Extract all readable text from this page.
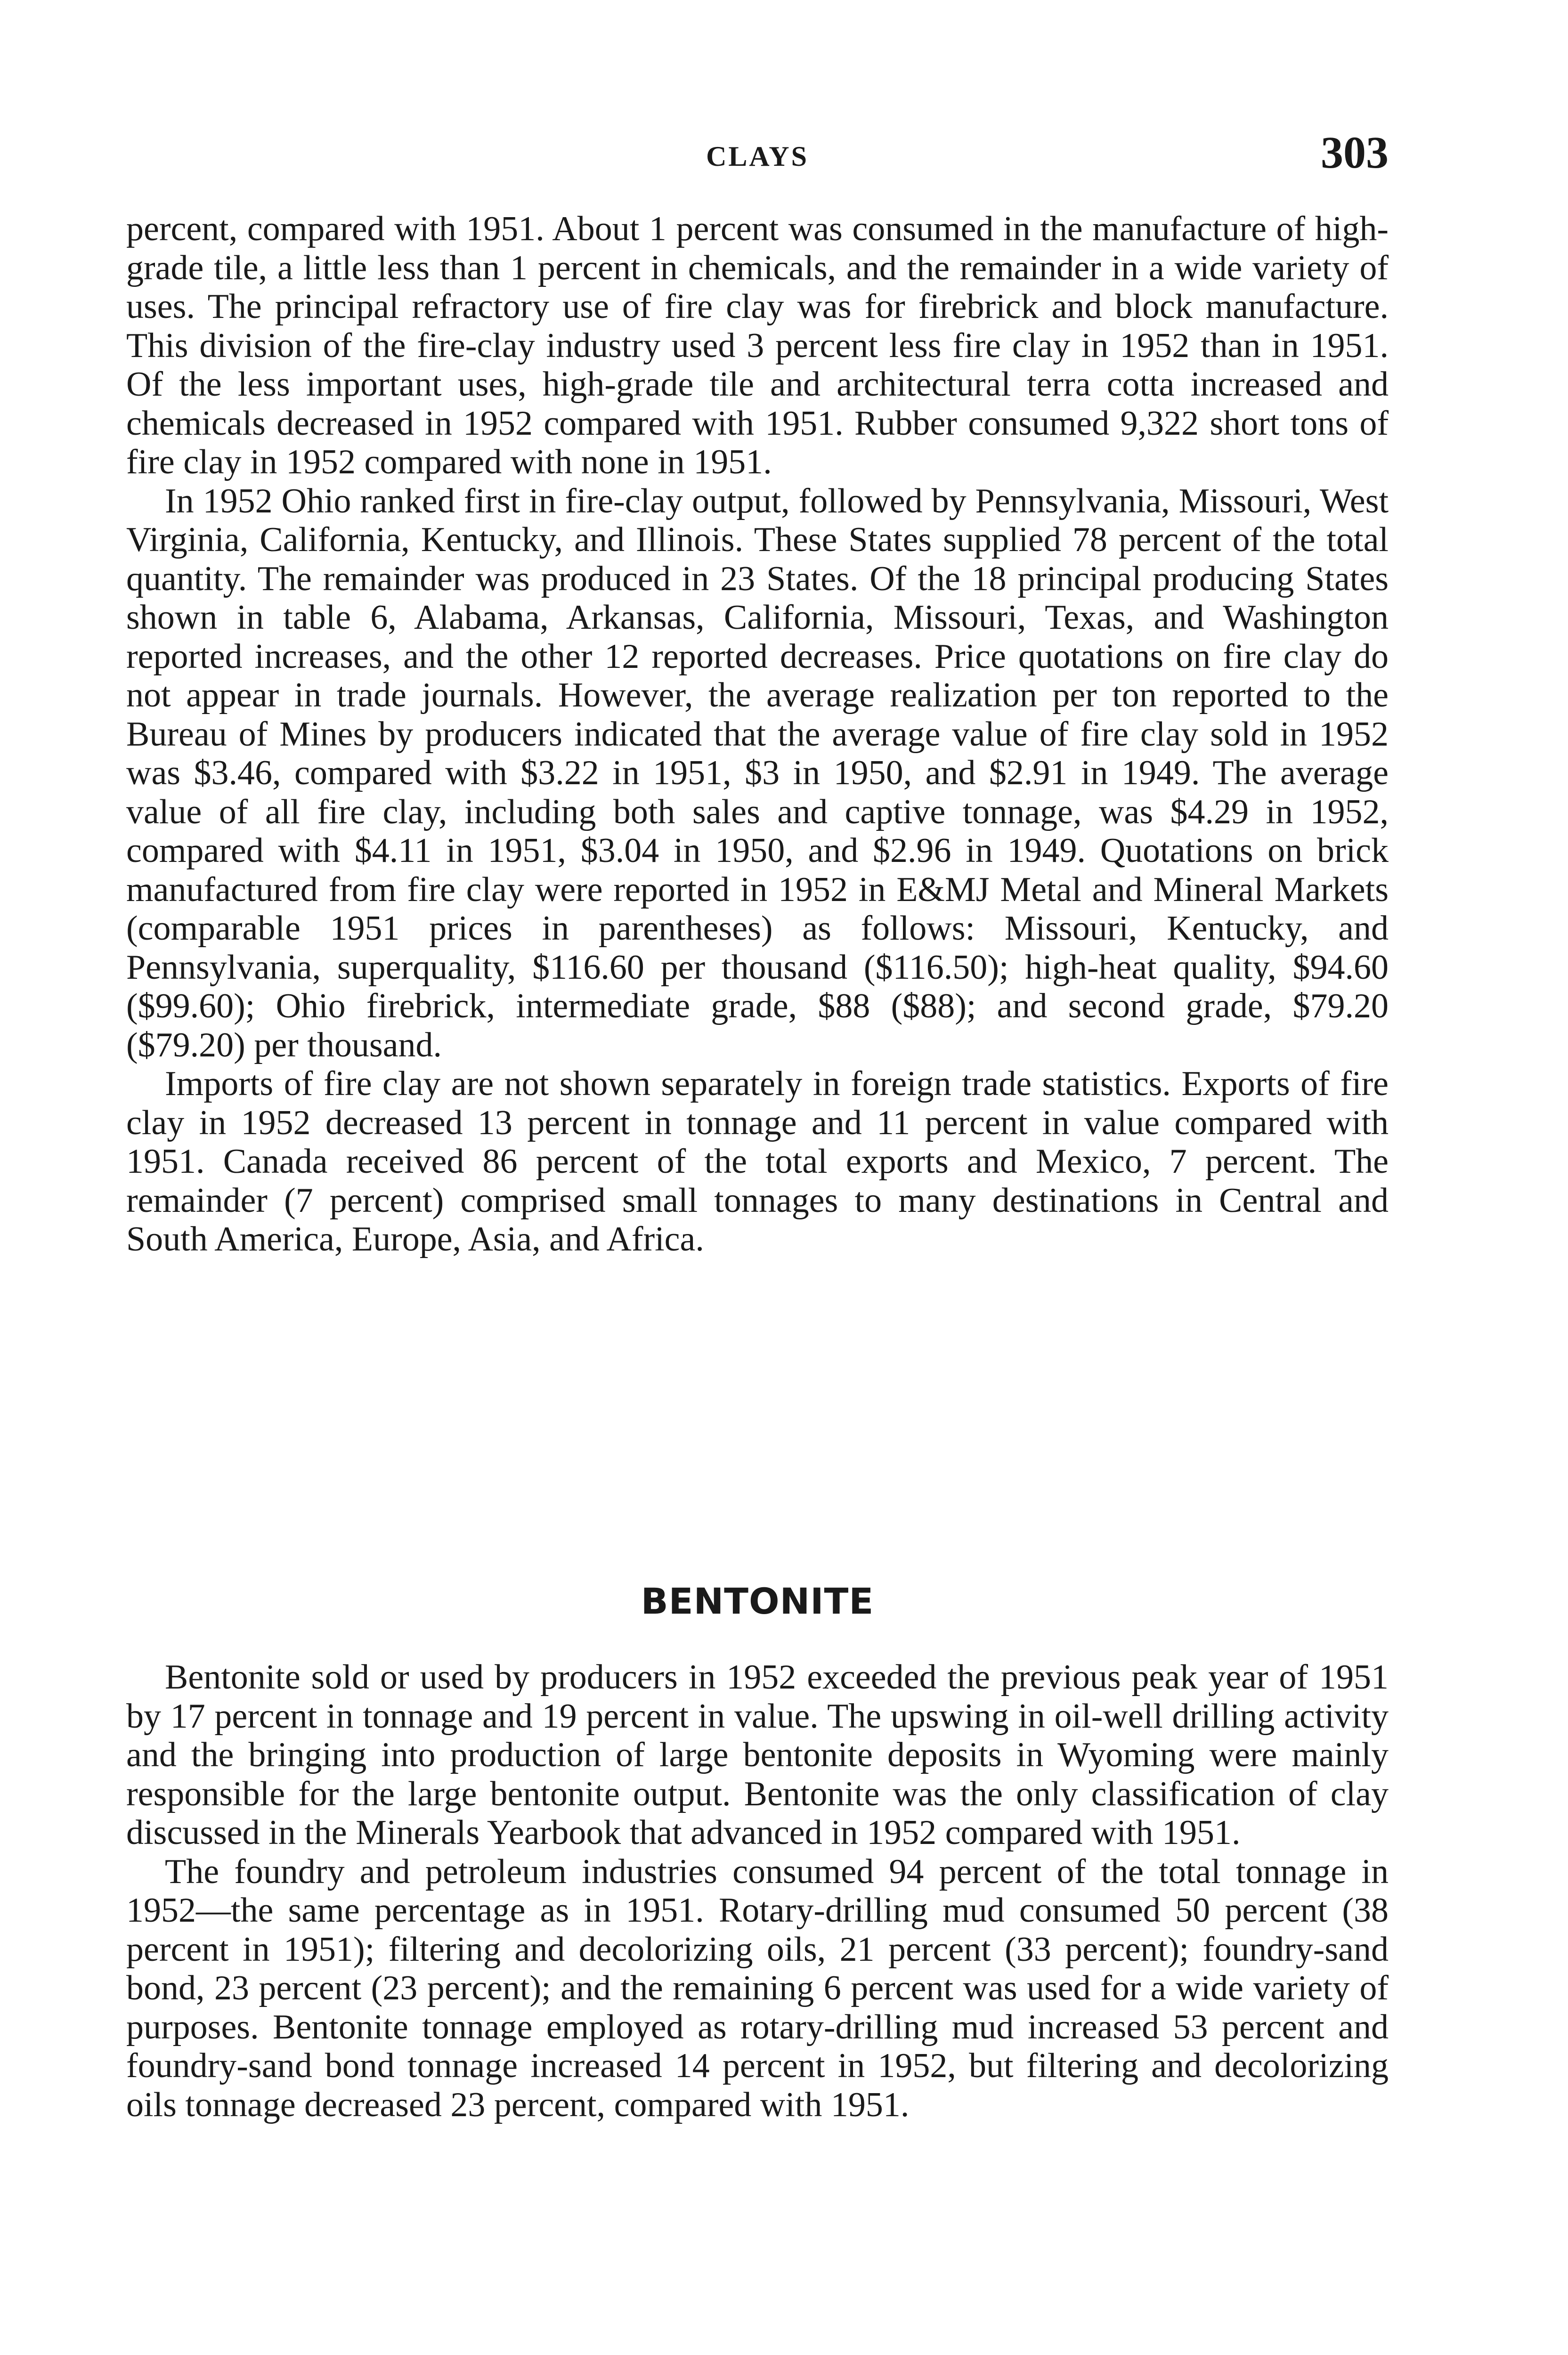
CLAYS	303

percent, compared with 1951. About 1 percent was consumed in the manufacture of high-grade tile, a little less than 1 percent in chemicals, and the remainder in a wide variety of uses. The principal refractory use of fire clay was for firebrick and block manufacture. This division of the fire-clay industry used 3 percent less fire clay in 1952 than in 1951. Of the less important uses, high-grade tile and architectural terra cotta increased and chemicals decreased in 1952 compared with 1951. Rubber consumed 9,322 short tons of fire clay in 1952 compared with none in 1951.

In 1952 Ohio ranked first in fire-clay output, followed by Pennsylvania, Missouri, West Virginia, California, Kentucky, and Illinois. These States supplied 78 percent of the total quantity. The remainder was produced in 23 States. Of the 18 principal producing States shown in table 6, Alabama, Arkansas, California, Missouri, Texas, and Washington reported increases, and the other 12 reported decreases. Price quotations on fire clay do not appear in trade journals. However, the average realization per ton reported to the Bureau of Mines by producers indicated that the average value of fire clay sold in 1952 was $3.46, compared with $3.22 in 1951, $3 in 1950, and $2.91 in 1949. The average value of all fire clay, including both sales and captive tonnage, was $4.29 in 1952, compared with $4.11 in 1951, $3.04 in 1950, and $2.96 in 1949. Quotations on brick manufactured from fire clay were reported in 1952 in E&MJ Metal and Mineral Markets (comparable 1951 prices in parentheses) as follows: Missouri, Kentucky, and Pennsylvania, superquality, $116.60 per thousand ($116.50); high-heat quality, $94.60 ($99.60); Ohio firebrick, intermediate grade, $88 ($88); and second grade, $79.20 ($79.20) per thousand.

Imports of fire clay are not shown separately in foreign trade statistics. Exports of fire clay in 1952 decreased 13 percent in tonnage and 11 percent in value compared with 1951. Canada received 86 percent of the total exports and Mexico, 7 percent. The remainder (7 percent) comprised small tonnages to many destinations in Central and South America, Europe, Asia, and Africa.

BENTONITE

Bentonite sold or used by producers in 1952 exceeded the previous peak year of 1951 by 17 percent in tonnage and 19 percent in value. The upswing in oil-well drilling activity and the bringing into production of large bentonite deposits in Wyoming were mainly responsible for the large bentonite output. Bentonite was the only classification of clay discussed in the Minerals Yearbook that advanced in 1952 compared with 1951.

The foundry and petroleum industries consumed 94 percent of the total tonnage in 1952—the same percentage as in 1951. Rotary-drilling mud consumed 50 percent (38 percent in 1951); filtering and decolorizing oils, 21 percent (33 percent); foundry-sand bond, 23 percent (23 percent); and the remaining 6 percent was used for a wide variety of purposes. Bentonite tonnage employed as rotary-drilling mud increased 53 percent and foundry-sand bond tonnage increased 14 percent in 1952, but filtering and decolorizing oils tonnage decreased 23 percent, compared with 1951.
